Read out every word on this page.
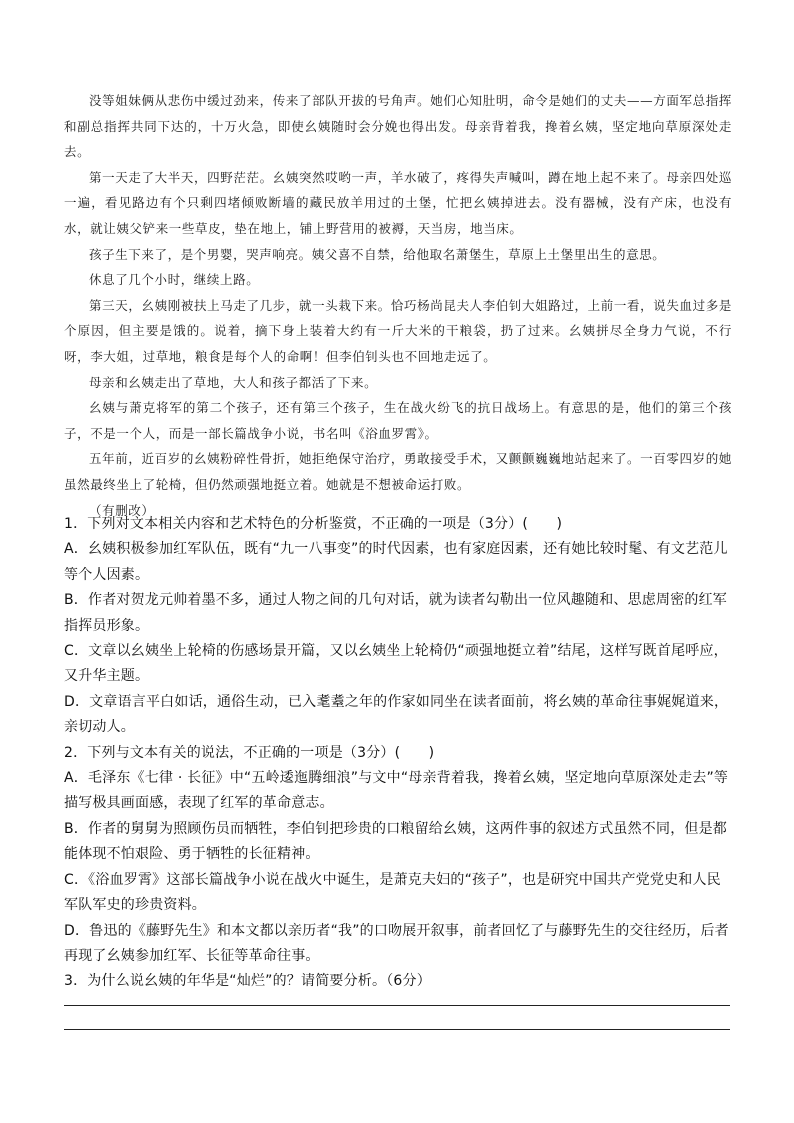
没等姐妹俩从悲伤中缓过劲来，传来了部队开拔的号角声。她们心知肚明，命令是她们的丈夫——方面军总指挥和副总指挥共同下达的，十万火急，即使幺姨随时会分娩也得出发。母亲背着我，搀着幺姨，坚定地向草原深处走去。

第一天走了大半天，四野茫茫。幺姨突然哎哟一声，羊水破了，疼得失声喊叫，蹲在地上起不来了。母亲四处巡一遍，看见路边有个只剩四堵倾败断墙的藏民放羊用过的土堡，忙把幺姨掉进去。没有器械，没有产床，也没有水，就让姨父铲来一些草皮，垫在地上，铺上野营用的被褥，天当房，地当床。

孩子生下来了，是个男婴，哭声响亮。姨父喜不自禁，给他取名萧堡生，草原上土堡里出生的意思。

休息了几个小时，继续上路。

第三天，幺姨刚被扶上马走了几步，就一头栽下来。恰巧杨尚昆夫人李伯钊大姐路过，上前一看，说失血过多是个原因，但主要是饿的。说着，摘下身上装着大约有一斤大米的干粮袋，扔了过来。幺姨拼尽全身力气说，不行呀，李大姐，过草地，粮食是每个人的命啊！但李伯钊头也不回地走远了。

母亲和幺姨走出了草地，大人和孩子都活了下来。

幺姨与萧克将军的第二个孩子，还有第三个孩子，生在战火纷飞的抗日战场上。有意思的是，他们的第三个孩子，不是一个人，而是一部长篇战争小说，书名叫《浴血罗霄》。

五年前，近百岁的幺姨粉碎性骨折，她拒绝保守治疗，勇敢接受手术，又颤颤巍巍地站起来了。一百零四岁的她虽然最终坐上了轮椅，但仍然顽强地挺立着。她就是不想被命运打败。

（有删改）

1．下列对文本相关内容和艺术特色的分析鉴赏，不正确的一项是（3分）(　　)
A．幺姨积极参加红军队伍，既有“九一八事变”的时代因素，也有家庭因素，还有她比较时髦、有文艺范儿等个人因素。
B．作者对贺龙元帅着墨不多，通过人物之间的几句对话，就为读者勾勒出一位风趣随和、思虑周密的红军指挥员形象。
C．文章以幺姨坐上轮椅的伤感场景开篇，又以幺姨坐上轮椅仍“顽强地挺立着”结尾，这样写既首尾呼应，又升华主题。
D．文章语言平白如话，通俗生动，已入耄耋之年的作家如同坐在读者面前，将幺姨的革命往事娓娓道来，亲切动人。
2．下列与文本有关的说法，不正确的一项是（3分）(　　)
A．毛泽东《七律 · 长征》中“五岭逶迤腾细浪”与文中“母亲背着我，搀着幺姨，坚定地向草原深处走去”等描写极具画面感，表现了红军的革命意志。
B．作者的舅舅为照顾伤员而牺牲，李伯钊把珍贵的口粮留给幺姨，这两件事的叙述方式虽然不同，但是都能体现不怕艰险、勇于牺牲的长征精神。
C．《浴血罗霄》这部长篇战争小说在战火中诞生，是萧克夫妇的“孩子”，也是研究中国共产党党史和人民军队军史的珍贵资料。
D．鲁迅的《藤野先生》和本文都以亲历者“我”的口吻展开叙事，前者回忆了与藤野先生的交往经历，后者再现了幺姨参加红军、长征等革命往事。
3．为什么说幺姨的年华是“灿烂”的？请简要分析。（6分）
